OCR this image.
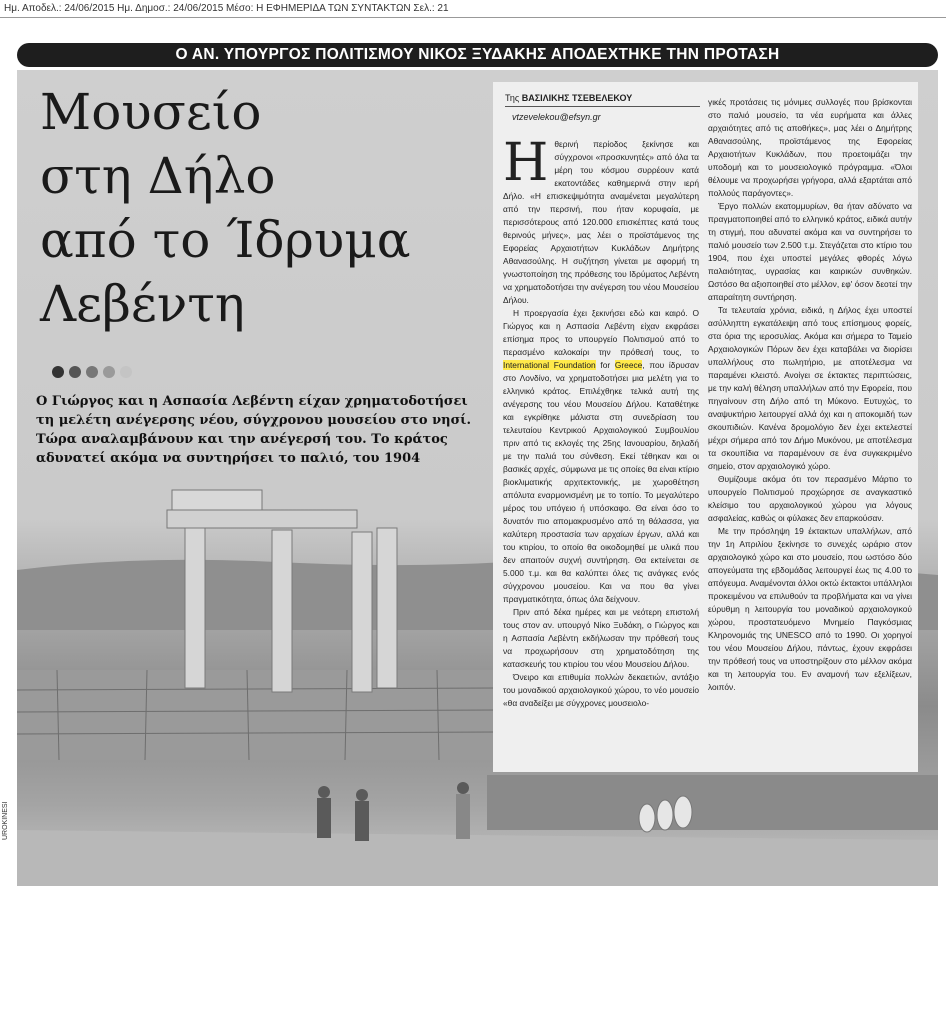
Ημ. Αποδελ.: 24/06/2015 Ημ. Δημοσ.: 24/06/2015 Μέσο: Η ΕΦΗΜΕΡΙΔΑ ΤΩΝ ΣΥΝΤΑΚΤΩΝ Σελ.: 21
Ο ΑΝ. ΥΠΟΥΡΓΟΣ ΠΟΛΙΤΙΣΜΟΥ ΝΙΚΟΣ ΞΥΔΑΚΗΣ ΑΠΟΔΕΧΤΗΚΕ ΤΗΝ ΠΡΟΤΑΣΗ
Μουσείο
στη Δήλο
από το Ίδρυμα
Λεβέντη
Ο Γιώργος και η Ασπασία Λεβέντη είχαν χρηματοδοτήσει τη μελέτη ανέγερσης νέου, σύγχρονου μουσείου στο νησί. Τώρα αναλαμβάνουν και την ανέγερσή του. Το κράτος αδυνατεί ακόμα να συντηρήσει το παλιό, του 1904
Της ΒΑΣΙΛΙΚΗΣ ΤΣΕΒΕΛΕΚΟΥ
vtzevelekou@efsyn.gr

Η θερινή περίοδος ξεκίνησε και σύγχρονοι «προσκυνητές» από όλα τα μέρη του κόσμου συρρέουν κατά εκατοντάδες καθημερινά στην ιερή Δήλο. «Η επισκεψιμότητα αναμένεται μεγαλύτερη από την περσινή, που ήταν κορυφαία, με περισσότερους από 120.000 επισκέπτες κατά τους θερινούς μήνες», μας λέει ο προϊστάμενος της Εφορείας Αρχαιοτήτων Κυκλάδων Δημήτρης Αθανασούλης. Η συζήτηση γίνεται με αφορμή τη γνωστοποίηση της πρόθεσης του Ιδρύματος Λεβέντη να χρηματοδοτήσει την ανέγερση του νέου Μουσείου Δήλου.

Η προεργασία έχει ξεκινήσει εδώ και καιρό. Ο Γιώργος και η Ασπασία Λεβέντη είχαν εκφράσει επίσημα προς το υπουργείο Πολιτισμού από το περασμένο καλοκαίρι την πρόθεσή τους, το International Foundation for Greece, που ίδρυσαν στο Λονδίνο, να χρηματοδοτήσει μια μελέτη για το ελληνικό κράτος. Επιλέχθηκε τελικά αυτή της ανέγερσης του νέου Μουσείου Δήλου. Καταθέτηκε και εγκρίθηκε μάλιστα στη συνεδρίαση του τελευταίου Κεντρικού Αρχαιολογικού Συμβουλίου πριν από τις εκλογές της 25ης Ιανουαρίου, δηλαδή με την παλιά του σύνθεση. Εκεί τέθηκαν και οι βασικές αρχές, σύμφωνα με τις οποίες θα είναι κτίριο βιοκλιματικής αρχιτεκτονικής, με χωροθέτηση απόλυτα εναρμονισμένη με το τοπίο. Το μεγαλύτερο μέρος του υπόγειο ή υπόσκαφο. Θα είναι όσο το δυνατόν πιο απομακρυσμένο από τη θάλασσα, για καλύτερη προστασία των αρχαίων έργων, αλλά και του κτιρίου, το οποίο θα οικοδομηθεί με υλικά που δεν απαιτούν συχνή συντήρηση. Θα εκτείνεται σε 5.000 τ.μ. και θα καλύπτει όλες τις ανάγκες ενός σύγχρονου μουσείου. Και να που θα γίνει πραγματικότητα, όπως όλα δείχνουν.

Πριν από δέκα ημέρες και με νεότερη επιστολή τους στον αν. υπουργό Νίκο Ξυδάκη, ο Γιώργος και η Ασπασία Λεβέντη εκδήλωσαν την πρόθεσή τους να προχωρήσουν στη χρηματοδότηση της κατασκευής του κτιρίου του νέου Μουσείου Δήλου.

Όνειρο και επιθυμία πολλών δεκαετιών, αντάξιο του μοναδικού αρχαιολογικού χώρου, το νέο μουσείο «θα αναδείξει με σύγχρονες μουσειολο-

γικές προτάσεις τις μόνιμες συλλογές που βρίσκονται στο παλιό μουσείο, τα νέα ευρήματα και άλλες αρχαιότητες από τις αποθήκες», μας λέει ο Δημήτρης Αθανασούλης, προϊστάμενος της Εφορείας Αρχαιοτήτων Κυκλάδων, που προετοιμάζει την υποδομή και το μουσειολογικό πρόγραμμα. «Όλοι θέλουμε να προχωρήσει γρήγορα, αλλά εξαρτάται από πολλούς παράγοντες».

Έργο πολλών εκατομμυρίων, θα ήταν αδύνατο να πραγματοποιηθεί από το ελληνικό κράτος, ειδικά αυτήν τη στιγμή, που αδυνατεί ακόμα και να συντηρήσει το παλιό μουσείο των 2.500 τ.μ. Στεγάζεται στο κτίριο του 1904, που έχει υποστεί μεγάλες φθορές λόγω παλαιότητας, υγρασίας και καιρικών συνθηκών. Ωστόσο θα αξιοποιηθεί στο μέλλον, εφ' όσον δεοτεί την απαραίτητη συντήρηση.

Τα τελευταία χρόνια, ειδικά, η Δήλος έχει υποστεί ασύλληπτη εγκατάλειψη από τους επίσημους φορείς, στα όρια της ιεροσυλίας. Ακόμα και σήμερα το Ταμείο Αρχαιολογικών Πόρων δεν έχει καταβάλει να διορίσει υπαλλήλους στο πωλητήριο, με αποτέλεσμα να παραμένει κλειστό. Ανοίγει σε έκτακτες περιπτώσεις, με την καλή θέληση υπαλλήλων από την Εφορεία, που πηγαίνουν στη Δήλο από τη Μύκονο. Ευτυχώς, το αναψυκτήριο λειτουργεί αλλά όχι και η αποκομιδή των σκουπιδιών. Κανένα δρομολόγιο δεν έχει εκτελεστεί μέχρι σήμερα από τον Δήμο Μυκόνου, με αποτέλεσμα τα σκουπίδια να παραμένουν σε ένα συγκεκριμένο σημείο, στον αρχαιολογικό χώρο.

Θυμίζουμε ακόμα ότι τον περασμένο Μάρτιο το υπουργείο Πολιτισμού προχώρησε σε αναγκαστικό κλείσιμο του αρχαιολογικού χώρου για λόγους ασφαλείας, καθώς οι φύλακες δεν επαρκούσαν.

Με την πρόσληψη 19 έκτακτων υπαλλήλων, από την 1η Απριλίου ξεκίνησε το συνεχές ωράριο στον αρχαιολογικό χώρο και στο μουσείο, που ωστόσο δύο απογεύματα της εβδομάδας λειτουργεί έως τις 4.00 το απόγευμα. Αναμένονται άλλοι οκτώ έκτακτοι υπάλληλοι προκειμένου να επιλυθούν τα προβλήματα και να γίνει εύρυθμη η λειτουργία του μοναδικού αρχαιολογικού χώρου, προστατευόμενο Μνημείο Παγκόσμιας Κληρονομιάς της UNESCO από το 1990. Οι χορηγοί του νέου Μουσείου Δήλου, πάντως, έχουν εκφράσει την πρόθεσή τους να υποστηρίξουν στο μέλλον ακόμα και τη λειτουργία του. Εν αναμονή των εξελίξεων, λοιπόν.

UROKINESI
